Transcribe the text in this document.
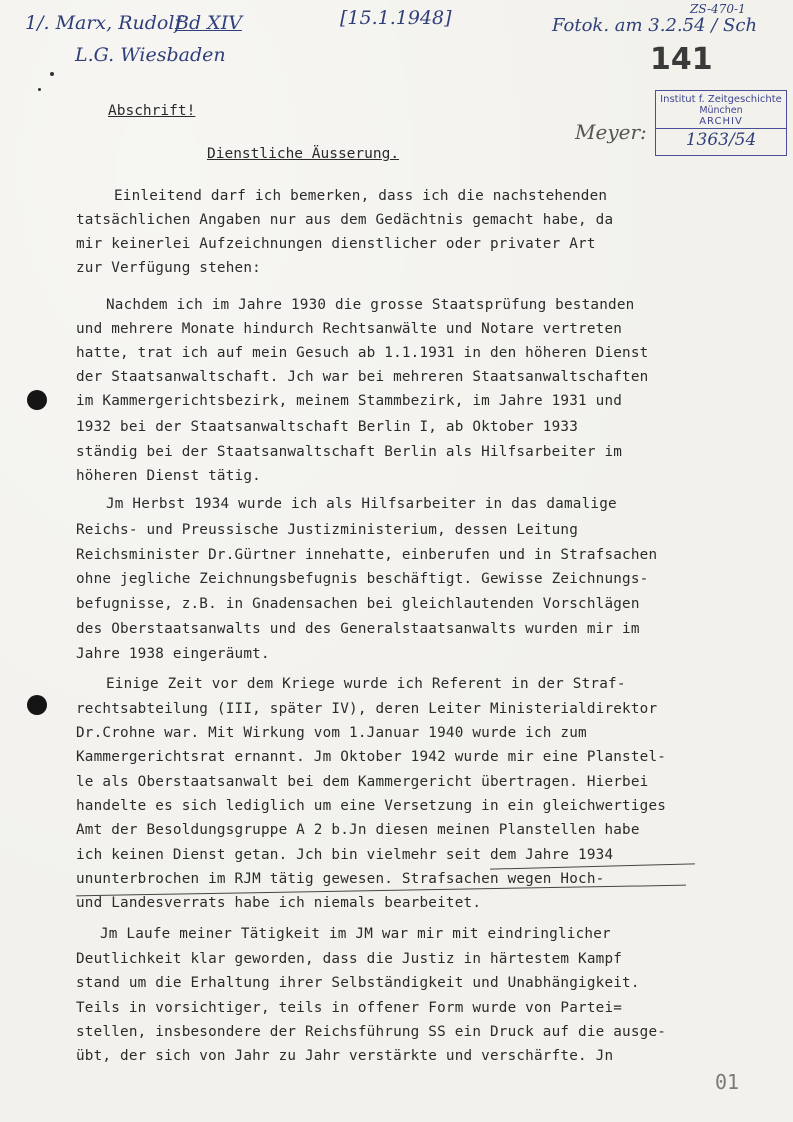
1/. Marx, Rudolf
Bd XIV
L.G. Wiesbaden
[15.1.1948]	ZS-470-1
Fotok. am 3.2.54 / Sch
141
Meyer:
Institut f. Zeitgeschichte
München
ARCHIV
1363/54
Abschrift!
Dienstliche Äusserung.
Einleitend darf ich bemerken, dass ich die nachstehenden
tatsächlichen Angaben nur aus dem Gedächtnis gemacht habe, da
mir keinerlei Aufzeichnungen dienstlicher oder privater Art
zur Verfügung stehen:
Nachdem ich im Jahre 1930 die grosse Staatsprüfung bestanden
und mehrere Monate hindurch Rechtsanwälte und Notare vertreten
hatte, trat ich auf mein Gesuch ab 1.1.1931 in den höheren Dienst
der Staatsanwaltschaft. Jch war bei mehreren Staatsanwaltschaften
im Kammergerichtsbezirk, meinem Stammbezirk, im Jahre 1931 und
1932 bei der Staatsanwaltschaft Berlin I, ab Oktober 1933
ständig bei der Staatsanwaltschaft Berlin als Hilfsarbeiter im
höheren Dienst tätig.
Jm Herbst 1934 wurde ich als Hilfsarbeiter in das damalige
Reichs- und Preussische Justizministerium, dessen Leitung
Reichsminister Dr.Gürtner innehatte, einberufen und in Strafsachen
ohne jegliche Zeichnungsbefugnis beschäftigt. Gewisse Zeichnungs-
befugnisse, z.B. in Gnadensachen bei gleichlautenden Vorschlägen
des Oberstaatsanwalts und des Generalstaatsanwalts wurden mir im
Jahre 1938 eingeräumt.
Einige Zeit vor dem Kriege wurde ich Referent in der Straf-
rechtsabteilung (III, später IV), deren Leiter Ministerialdirektor
Dr.Crohne war. Mit Wirkung vom 1.Januar 1940 wurde ich zum
Kammergerichtsrat ernannt. Jm Oktober 1942 wurde mir eine Planstel-
le als Oberstaatsanwalt bei dem Kammergericht übertragen. Hierbei
handelte es sich lediglich um eine Versetzung in ein gleichwertiges
Amt der Besoldungsgruppe A 2 b.Jn diesen meinen Planstellen habe
ich keinen Dienst getan. Jch bin vielmehr seit dem Jahre 1934
ununterbrochen im RJM tätig gewesen. Strafsachen wegen Hoch-
und Landesverrats habe ich niemals bearbeitet.
Jm Laufe meiner Tätigkeit im JM war mir mit eindringlicher
Deutlichkeit klar geworden, dass die Justiz in härtestem Kampf
stand um die Erhaltung ihrer Selbständigkeit und Unabhängigkeit.
Teils in vorsichtiger, teils in offener Form wurde von Partei=
stellen, insbesondere der Reichsführung SS ein Druck auf die ausge-
übt, der sich von Jahr zu Jahr verstärkte und verschärfte. Jn
01
